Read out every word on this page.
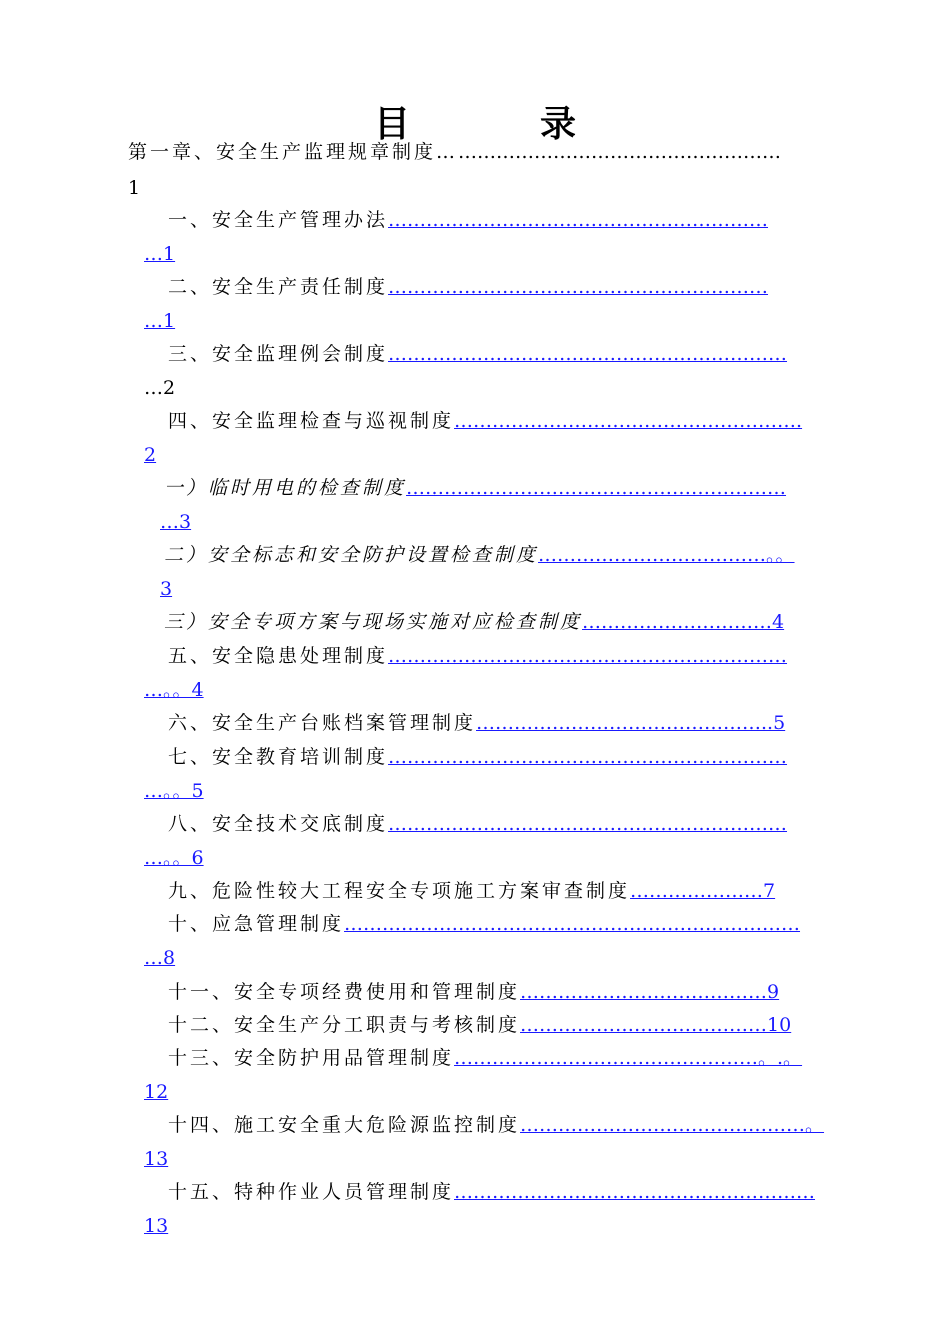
目	录
第一章、安全生产监理规章制度………………………………………………
1
一、安全生产管理办法……………………………………………………
…1
二、安全生产责任制度……………………………………………………
…1
三、安全监理例会制度………………………………………………………
…2
四、安全监理检查与巡视制度……………………………………………….
2
一）临时用电的检查制度……………………………………………………
…3
二）安全标志和安全防护设置检查制度………………………………。。
3
三）安全专项方案与现场实施对应检查制度…………………………4
五、安全隐患处理制度………………………………………………………
…。。4
六、安全生产台账档案管理制度………………………………………..5
七、安全教育培训制度………………………………………………………
…。。5
八、安全技术交底制度………………………………………………………
…。。6
九、危险性较大工程安全专项施工方案审查制度…………………7
十、应急管理制度………………………………………………………………
…8
十一、安全专项经费使用和管理制度…………………………………9
十二、安全生产分工职责与考核制度…………………………………10
十三、安全防护用品管理制度…………………………………………。.。
12
十四、施工安全重大危险源监控制度………………………………………。
13
十五、特种作业人员管理制度…………………………………………………
13
